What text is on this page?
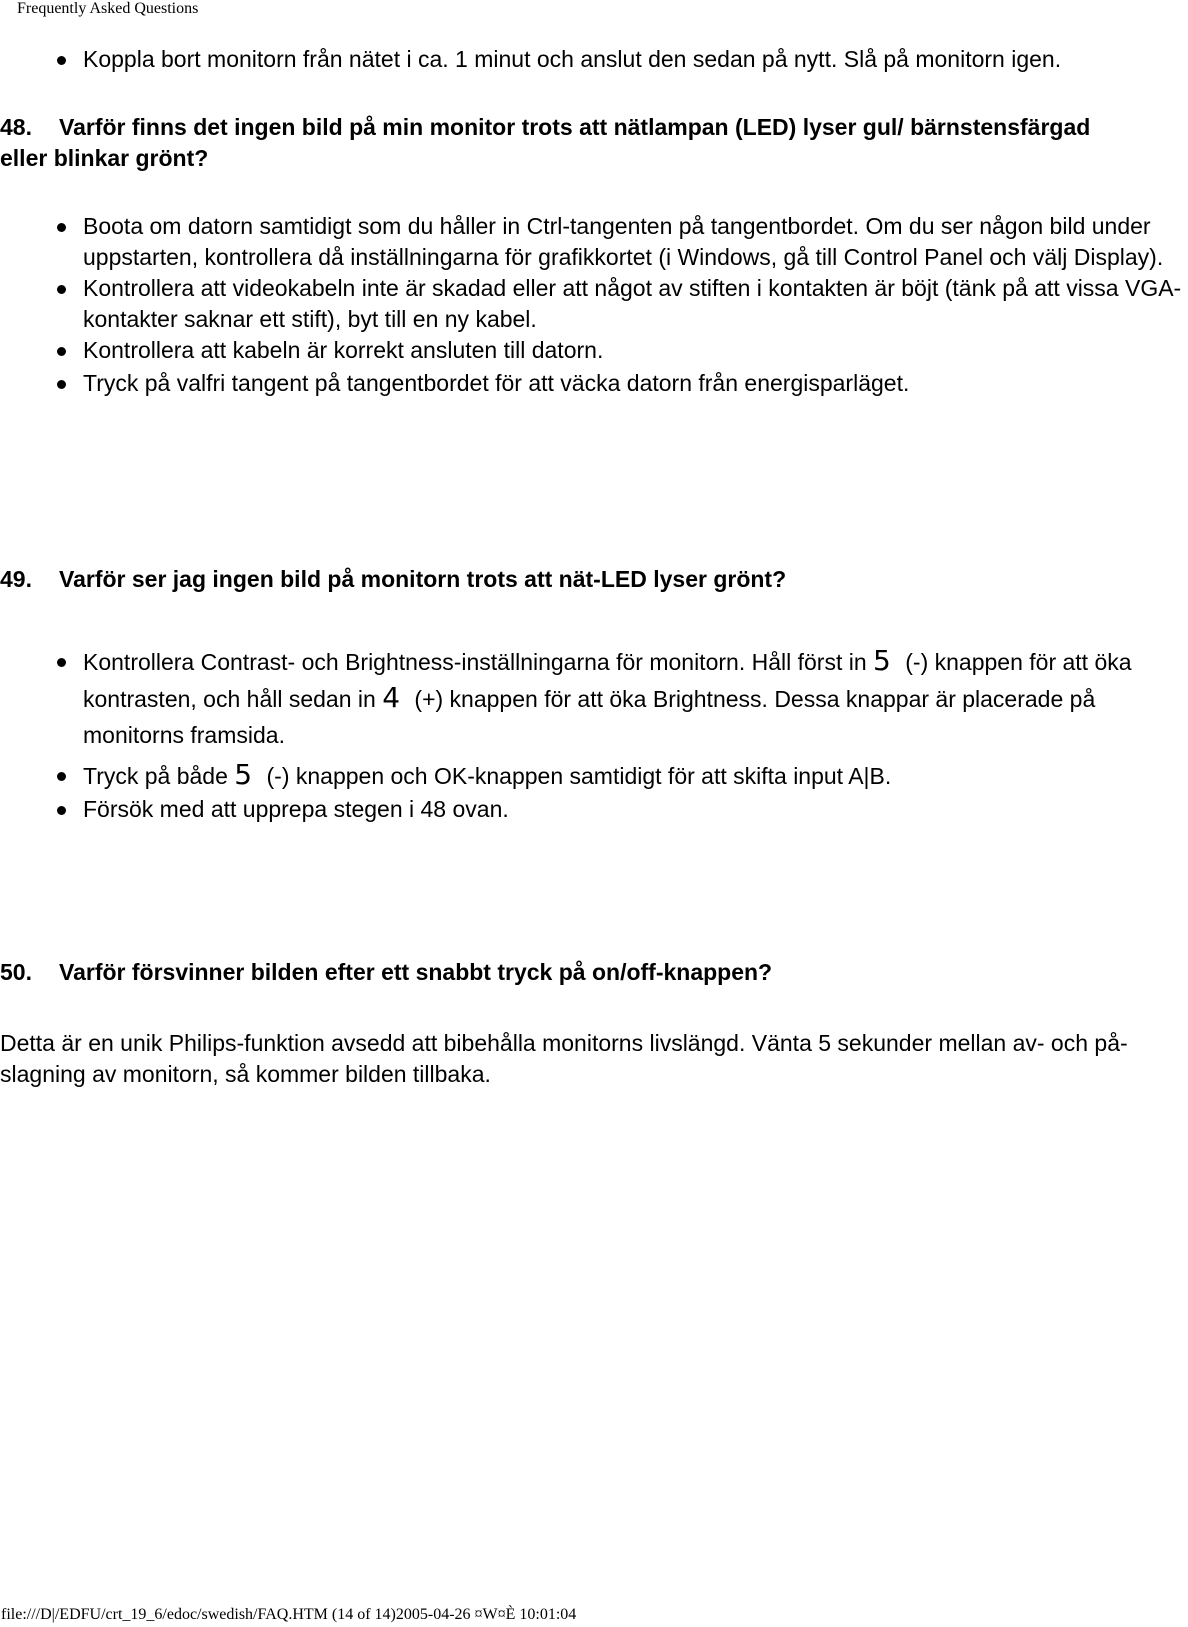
Frequently Asked Questions
Koppla bort monitorn från nätet i ca. 1 minut och anslut den sedan på nytt. Slå på monitorn igen.
48. Varför finns det ingen bild på min monitor trots att nätlampan (LED) lyser gul/ bärnstensfärgad eller blinkar grönt?
Boota om datorn samtidigt som du håller in Ctrl-tangenten på tangentbordet. Om du ser någon bild under uppstarten, kontrollera då inställningarna för grafikkortet (i Windows, gå till Control Panel och välj Display).
Kontrollera att videokabeln inte är skadad eller att något av stiften i kontakten är böjt (tänk på att vissa VGA-kontakter saknar ett stift), byt till en ny kabel.
Kontrollera att kabeln är korrekt ansluten till datorn.
Tryck på valfri tangent på tangentbordet för att väcka datorn från energisparläget.
49. Varför ser jag ingen bild på monitorn trots att nät-LED lyser grönt?
Kontrollera Contrast- och Brightness-inställningarna för monitorn. Håll först in 5 (-) knappen för att öka kontrasten, och håll sedan in 4 (+) knappen för att öka Brightness. Dessa knappar är placerade på monitorns framsida.
Tryck på både 5 (-) knappen och OK-knappen samtidigt för att skifta input A|B.
Försök med att upprepa stegen i 48 ovan.
50. Varför försvinner bilden efter ett snabbt tryck på on/off-knappen?
Detta är en unik Philips-funktion avsedd att bibehålla monitorns livslängd. Vänta 5 sekunder mellan av- och på-slagning av monitorn, så kommer bilden tillbaka.
file:///D|/EDFU/crt_19_6/edoc/swedish/FAQ.HTM (14 of 14)2005-04-26 ¤W¤È 10:01:04
